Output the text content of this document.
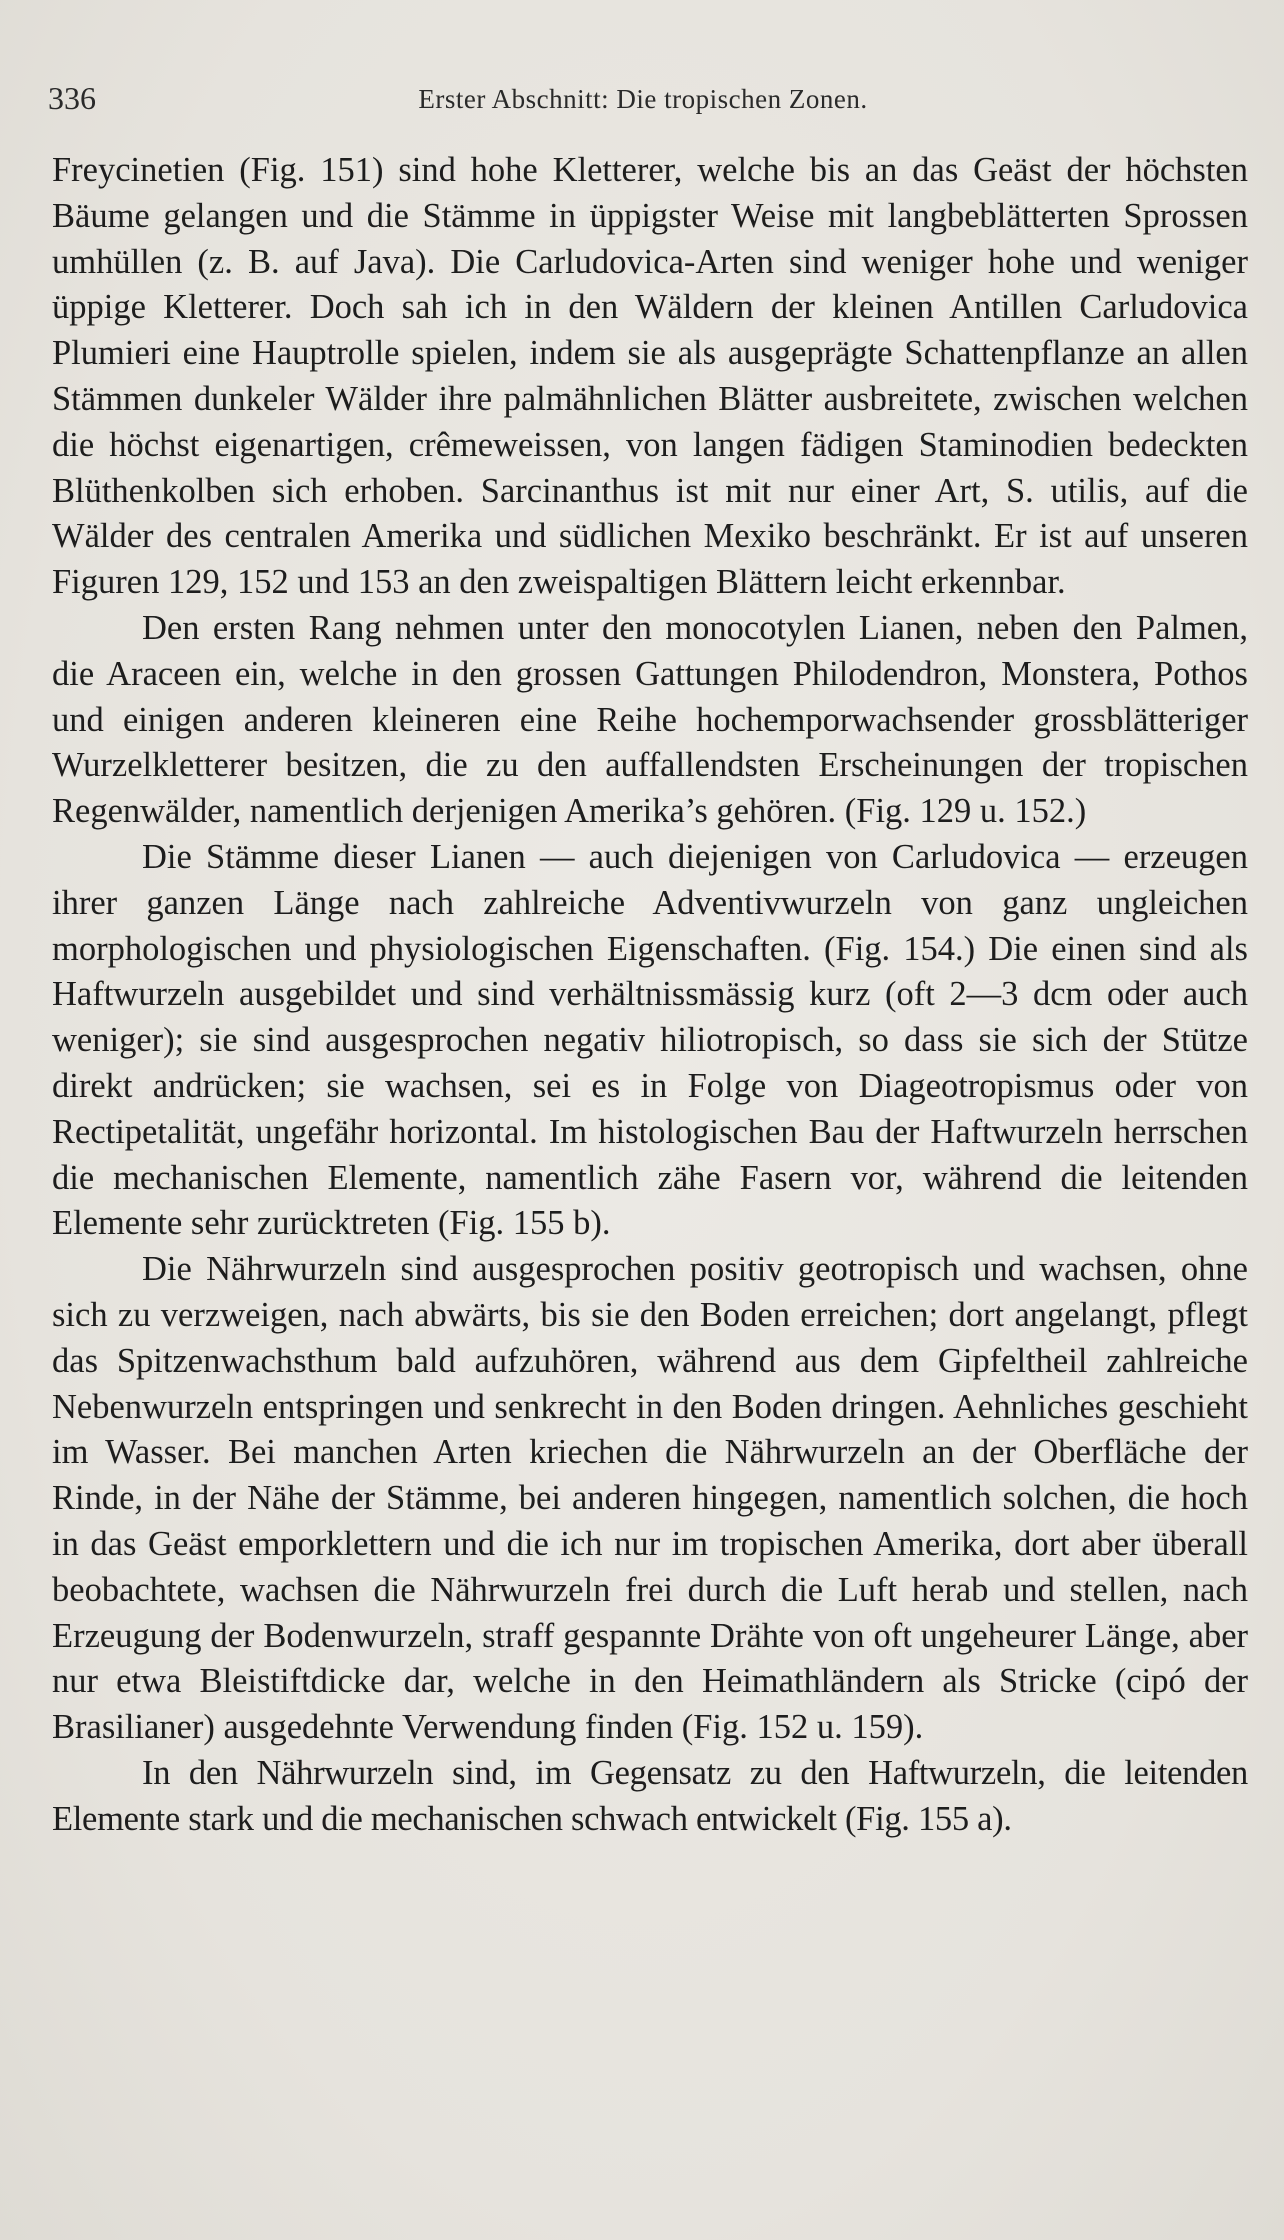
336	Erster Abschnitt: Die tropischen Zonen.

Freycinetien (Fig. 151) sind hohe Kletterer, welche bis an das Geäst der höchsten Bäume gelangen und die Stämme in üppigster Weise mit langbeblätterten Sprossen umhüllen (z. B. auf Java). Die Carludovica-Arten sind weniger hohe und weniger üppige Kletterer. Doch sah ich in den Wäldern der kleinen Antillen Carludovica Plumieri eine Hauptrolle spielen, indem sie als ausgeprägte Schattenpflanze an allen Stämmen dunkeler Wälder ihre palmähnlichen Blätter ausbreitete, zwischen welchen die höchst eigenartigen, crêmeweissen, von langen fädigen Staminodien bedeckten Blüthenkolben sich erhoben. Sarcinanthus ist mit nur einer Art, S. utilis, auf die Wälder des centralen Amerika und südlichen Mexiko beschränkt. Er ist auf unseren Figuren 129, 152 und 153 an den zweispaltigen Blättern leicht erkennbar.

Den ersten Rang nehmen unter den monocotylen Lianen, neben den Palmen, die Araceen ein, welche in den grossen Gattungen Philodendron, Monstera, Pothos und einigen anderen kleineren eine Reihe hochemporwachsender grossblätteriger Wurzelkletterer besitzen, die zu den auffallendsten Erscheinungen der tropischen Regenwälder, namentlich derjenigen Amerika’s gehören. (Fig. 129 u. 152.)

Die Stämme dieser Lianen — auch diejenigen von Carludovica — erzeugen ihrer ganzen Länge nach zahlreiche Adventivwurzeln von ganz ungleichen morphologischen und physiologischen Eigenschaften. (Fig. 154.) Die einen sind als Haftwurzeln ausgebildet und sind verhältnissmässig kurz (oft 2—3 dcm oder auch weniger); sie sind ausgesprochen negativ hiliotropisch, so dass sie sich der Stütze direkt andrücken; sie wachsen, sei es in Folge von Diageotropismus oder von Rectipetalität, ungefähr horizontal. Im histologischen Bau der Haftwurzeln herrschen die mechanischen Elemente, namentlich zähe Fasern vor, während die leitenden Elemente sehr zurücktreten (Fig. 155 b).

Die Nährwurzeln sind ausgesprochen positiv geotropisch und wachsen, ohne sich zu verzweigen, nach abwärts, bis sie den Boden erreichen; dort angelangt, pflegt das Spitzenwachsthum bald aufzuhören, während aus dem Gipfeltheil zahlreiche Nebenwurzeln entspringen und senkrecht in den Boden dringen. Aehnliches geschieht im Wasser. Bei manchen Arten kriechen die Nährwurzeln an der Oberfläche der Rinde, in der Nähe der Stämme, bei anderen hingegen, namentlich solchen, die hoch in das Geäst emporklettern und die ich nur im tropischen Amerika, dort aber überall beobachtete, wachsen die Nährwurzeln frei durch die Luft herab und stellen, nach Erzeugung der Bodenwurzeln, straff gespannte Drähte von oft ungeheurer Länge, aber nur etwa Bleistiftdicke dar, welche in den Heimathländern als Stricke (cipó der Brasilianer) ausgedehnte Verwendung finden (Fig. 152 u. 159).

In den Nährwurzeln sind, im Gegensatz zu den Haftwurzeln, die leitenden Elemente stark und die mechanischen schwach entwickelt (Fig. 155 a).
